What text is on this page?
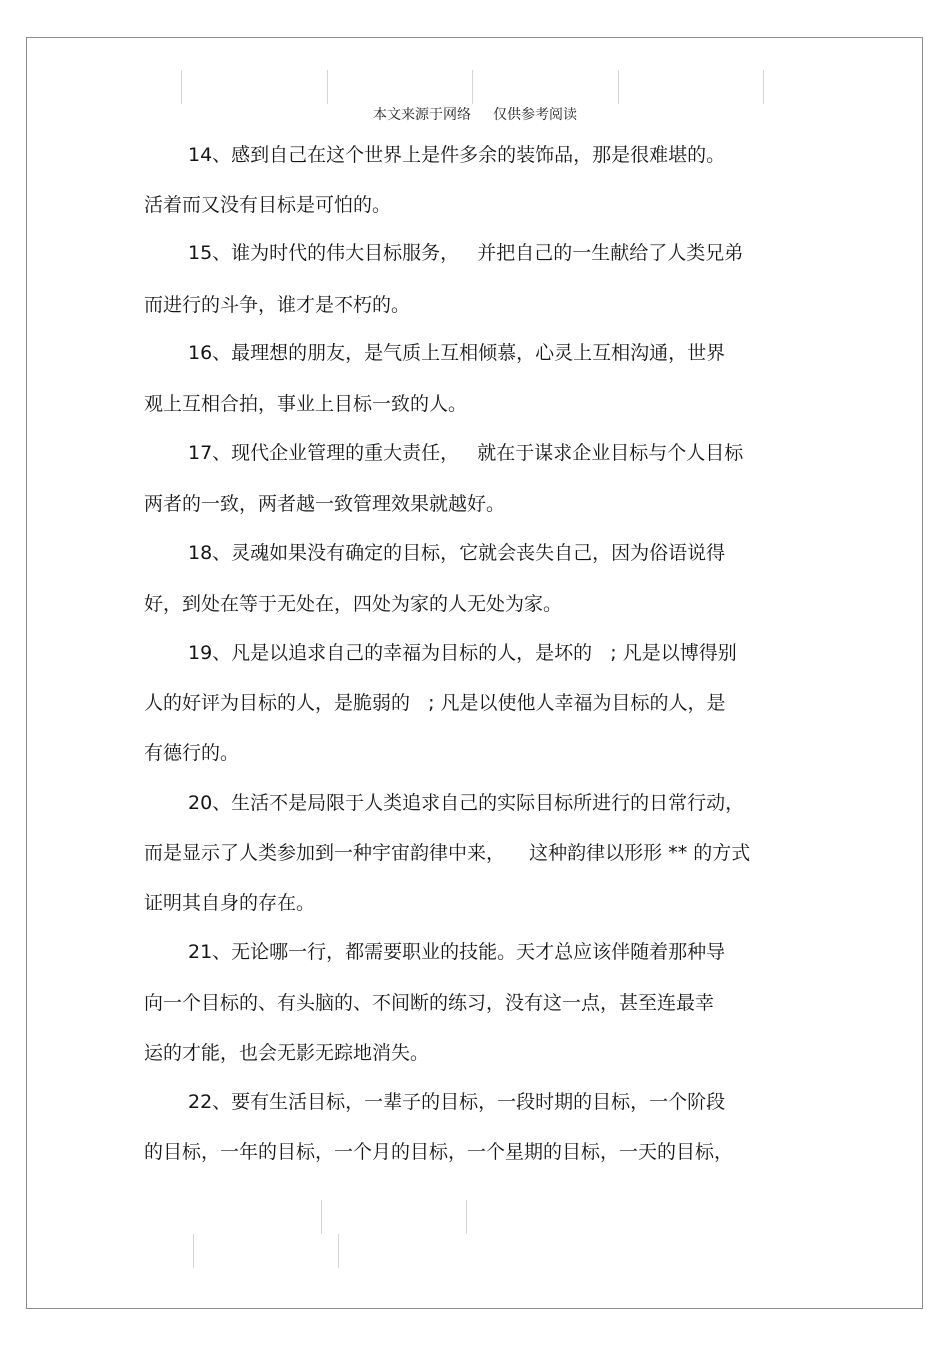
本文来源于网络 仅供参考阅读
14、感到自己在这个世界上是件多余的装饰品，那是很难堪的。
活着而又没有目标是可怕的。
15、谁为时代的伟大目标服务，   并把自己的一生献给了人类兄弟
而进行的斗争，谁才是不朽的。
16、最理想的朋友，是气质上互相倾慕，心灵上互相沟通，世界
观上互相合拍，事业上目标一致的人。
17、现代企业管理的重大责任，   就在于谋求企业目标与个人目标
两者的一致，两者越一致管理效果就越好。
18、灵魂如果没有确定的目标，它就会丧失自己，因为俗语说得
好，到处在等于无处在，四处为家的人无处为家。
19、凡是以追求自己的幸福为目标的人，是坏的   ; 凡是以博得别
人的好评为目标的人，是脆弱的   ; 凡是以使他人幸福为目标的人，是
有德行的。
20、生活不是局限于人类追求自己的实际目标所进行的日常行动，
而是显示了人类参加到一种宇宙韵律中来，    这种韵律以形形 ** 的方式
证明其自身的存在。
21、无论哪一行，都需要职业的技能。天才总应该伴随着那种导
向一个目标的、有头脑的、不间断的练习，没有这一点，甚至连最幸
运的才能，也会无影无踪地消失。
22、要有生活目标，一辈子的目标，一段时期的目标，一个阶段
的目标，一年的目标，一个月的目标，一个星期的目标，一天的目标，
